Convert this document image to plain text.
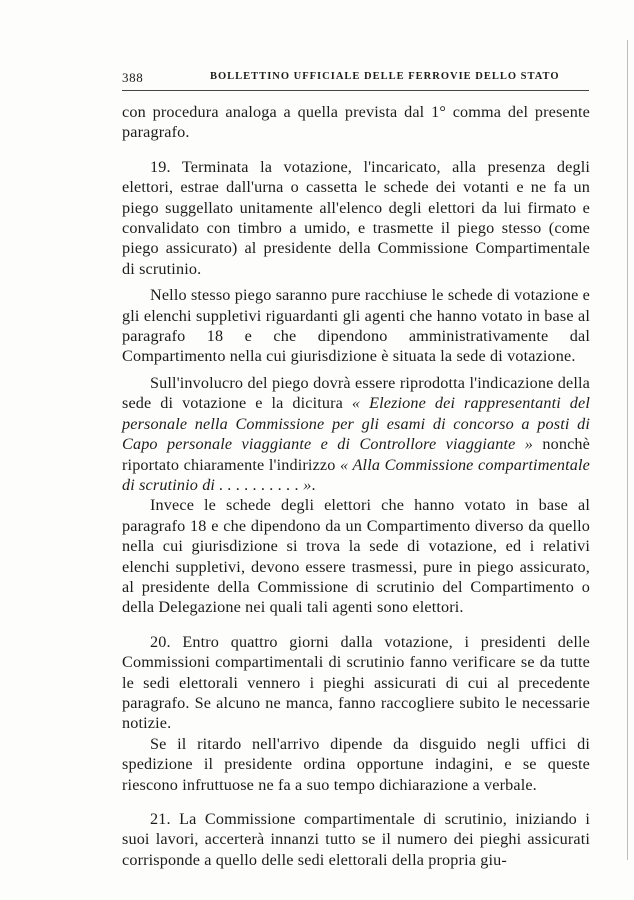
388	BOLLETTINO UFFICIALE DELLE FERROVIE DELLO STATO

con procedura analoga a quella prevista dal 1° comma del presente paragrafo.

19. Terminata la votazione, l'incaricato, alla presenza degli elettori, estrae dall'urna o cassetta le schede dei votanti e ne fa un piego suggellato unitamente all'elenco degli elettori da lui firmato e convalidato con timbro a umido, e trasmette il piego stesso (come piego assicurato) al presidente della Commissione Compartimentale di scrutinio.

Nello stesso piego saranno pure racchiuse le schede di votazione e gli elenchi suppletivi riguardanti gli agenti che hanno votato in base al paragrafo 18 e che dipendono amministrativamente dal Compartimento nella cui giurisdizione è situata la sede di votazione.

Sull'involucro del piego dovrà essere riprodotta l'indicazione della sede di votazione e la dicitura « Elezione dei rappresentanti del personale nella Commissione per gli esami di concorso a posti di Capo personale viaggiante e di Controllore viaggiante » nonchè riportato chiaramente l'indirizzo « Alla Commissione compartimentale di scrutinio di . . . . . . . . . . ».

Invece le schede degli elettori che hanno votato in base al paragrafo 18 e che dipendono da un Compartimento diverso da quello nella cui giurisdizione si trova la sede di votazione, ed i relativi elenchi suppletivi, devono essere trasmessi, pure in piego assicurato, al presidente della Commissione di scrutinio del Compartimento o della Delegazione nei quali tali agenti sono elettori.

20. Entro quattro giorni dalla votazione, i presidenti delle Commissioni compartimentali di scrutinio fanno verificare se da tutte le sedi elettorali vennero i pieghi assicurati di cui al precedente paragrafo. Se alcuno ne manca, fanno raccogliere subito le necessarie notizie.

Se il ritardo nell'arrivo dipende da disguido negli uffici di spedizione il presidente ordina opportune indagini, e se queste riescono infruttuose ne fa a suo tempo dichiarazione a verbale.

21. La Commissione compartimentale di scrutinio, iniziando i suoi lavori, accerterà innanzi tutto se il numero dei pieghi assicurati corrisponde a quello delle sedi elettorali della propria giu-
